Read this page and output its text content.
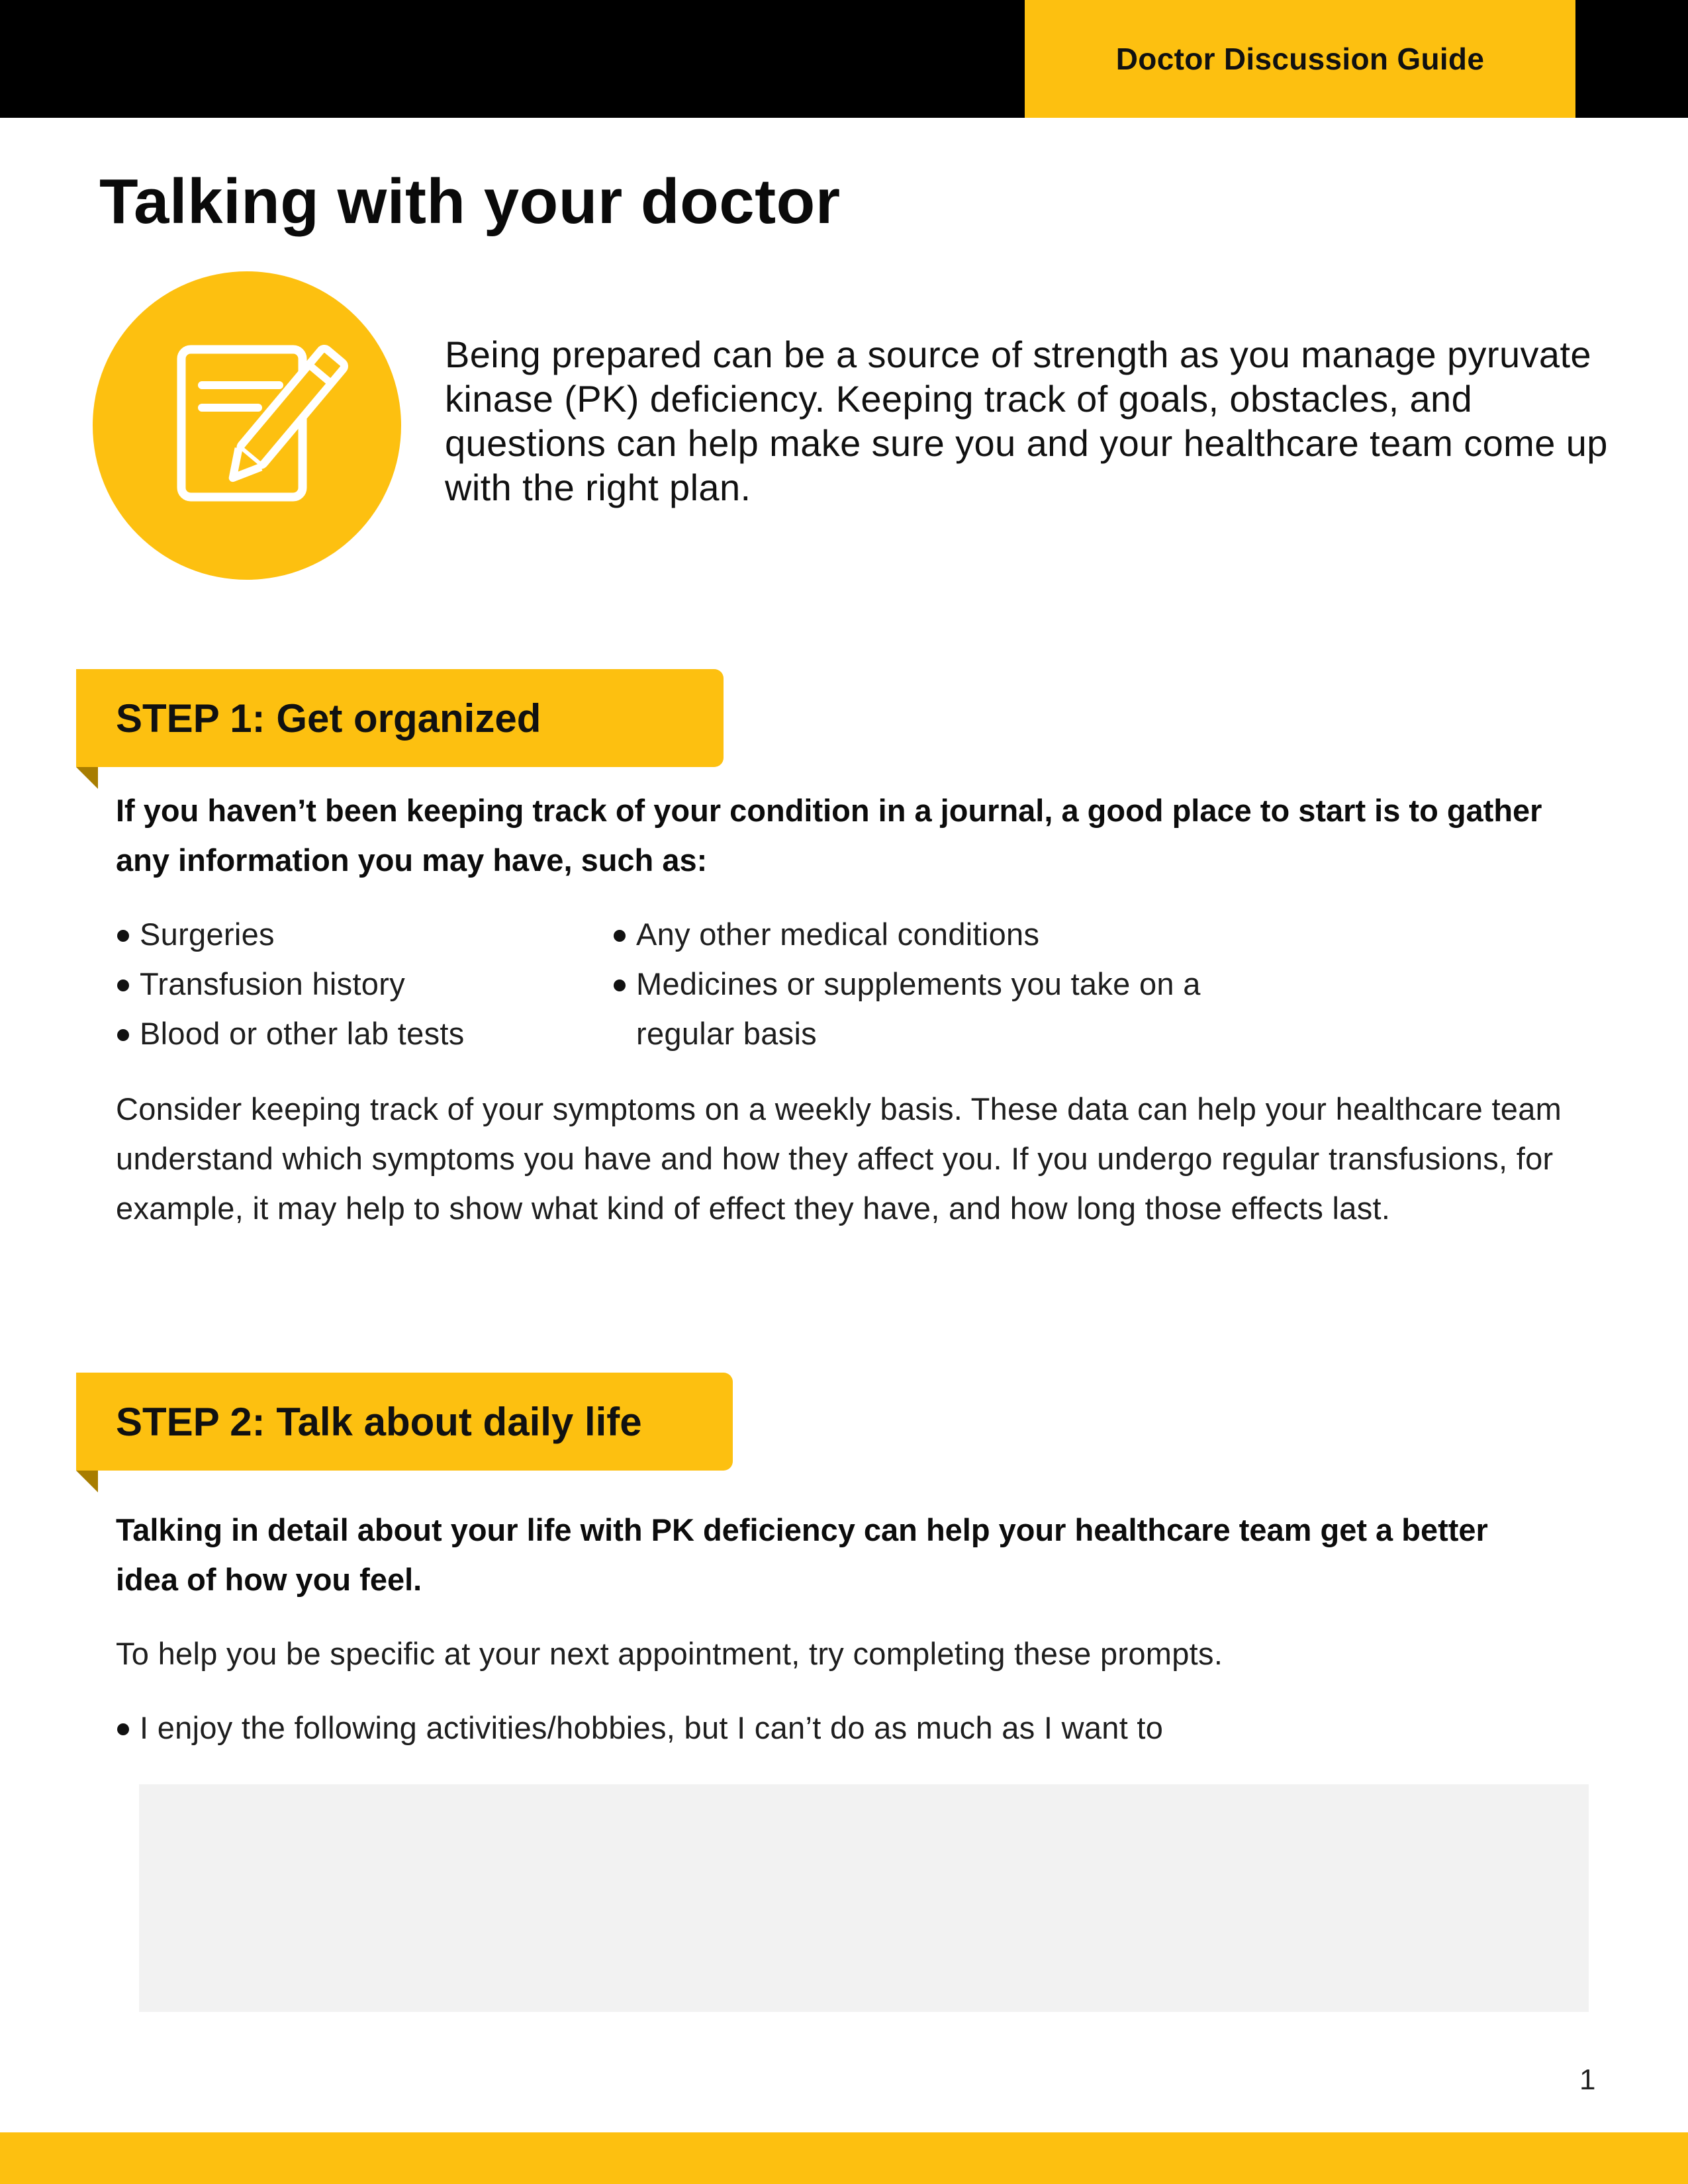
Doctor Discussion Guide
Talking with your doctor

Being prepared can be a source of strength as you manage pyruvate kinase (PK) deficiency. Keeping track of goals, obstacles, and questions can help make sure you and your healthcare team come up with the right plan.

STEP 1: Get organized

If you haven’t been keeping track of your condition in a journal, a good place to start is to gather any information you may have, such as:

Surgeries
Transfusion history
Blood or other lab tests
Any other medical conditions
Medicines or supplements you take on a regular basis

Consider keeping track of your symptoms on a weekly basis. These data can help your healthcare team understand which symptoms you have and how they affect you. If you undergo regular transfusions, for example, it may help to show what kind of effect they have, and how long those effects last.

STEP 2: Talk about daily life

Talking in detail about your life with PK deficiency can help your healthcare team get a better idea of how you feel.

To help you be specific at your next appointment, try completing these prompts.

I enjoy the following activities/hobbies, but I can’t do as much as I want to
1
